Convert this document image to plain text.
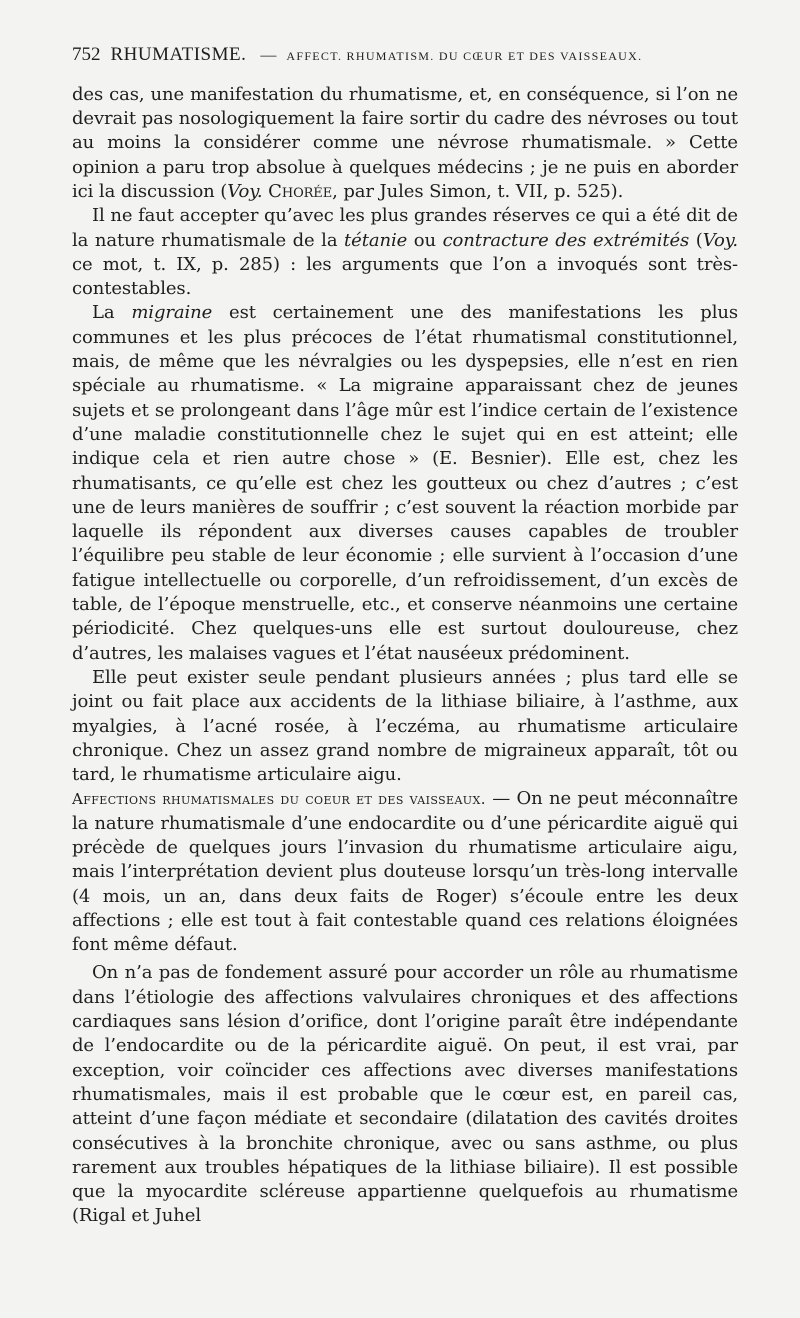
752 RHUMATISME. — AFFECT. RHUMATISM. DU CŒUR ET DES VAISSEAUX.

des cas, une manifestation du rhumatisme, et, en conséquence, si l’on ne devrait pas nosologiquement la faire sortir du cadre des névroses ou tout au moins la considérer comme une névrose rhumatismale. » Cette opinion a paru trop absolue à quelques médecins ; je ne puis en aborder ici la discussion (Voy. Chorée, par Jules Simon, t. VII, p. 525).

Il ne faut accepter qu’avec les plus grandes réserves ce qui a été dit de la nature rhumatismale de la tétanie ou contracture des extrémités (Voy. ce mot, t. IX, p. 285) : les arguments que l’on a invoqués sont très-contestables.

La migraine est certainement une des manifestations les plus communes et les plus précoces de l’état rhumatismal constitutionnel, mais, de même que les névralgies ou les dyspepsies, elle n’est en rien spéciale au rhumatisme. « La migraine apparaissant chez de jeunes sujets et se prolongeant dans l’âge mûr est l’indice certain de l’existence d’une maladie constitutionnelle chez le sujet qui en est atteint; elle indique cela et rien autre chose » (E. Besnier). Elle est, chez les rhumatisants, ce qu’elle est chez les goutteux ou chez d’autres ; c’est une de leurs manières de souffrir ; c’est souvent la réaction morbide par laquelle ils répondent aux diverses causes capables de troubler l’équilibre peu stable de leur économie ; elle survient à l’occasion d’une fatigue intellectuelle ou corporelle, d’un refroidissement, d’un excès de table, de l’époque menstruelle, etc., et conserve néanmoins une certaine périodicité. Chez quelques-uns elle est surtout douloureuse, chez d’autres, les malaises vagues et l’état nauséeux prédominent.

Elle peut exister seule pendant plusieurs années ; plus tard elle se joint ou fait place aux accidents de la lithiase biliaire, à l’asthme, aux myalgies, à l’acné rosée, à l’eczéma, au rhumatisme articulaire chronique. Chez un assez grand nombre de migraineux apparaît, tôt ou tard, le rhumatisme articulaire aigu.

Affections rhumatismales du coeur et des vaisseaux. — On ne peut méconnaître la nature rhumatismale d’une endocardite ou d’une péricardite aiguë qui précède de quelques jours l’invasion du rhumatisme articulaire aigu, mais l’interprétation devient plus douteuse lorsqu’un très-long intervalle (4 mois, un an, dans deux faits de Roger) s’écoule entre les deux affections ; elle est tout à fait contestable quand ces relations éloignées font même défaut.

On n’a pas de fondement assuré pour accorder un rôle au rhumatisme dans l’étiologie des affections valvulaires chroniques et des affections cardiaques sans lésion d’orifice, dont l’origine paraît être indépendante de l’endocardite ou de la péricardite aiguë. On peut, il est vrai, par exception, voir coïncider ces affections avec diverses manifestations rhumatismales, mais il est probable que le cœur est, en pareil cas, atteint d’une façon médiate et secondaire (dilatation des cavités droites consécutives à la bronchite chronique, avec ou sans asthme, ou plus rarement aux troubles hépatiques de la lithiase biliaire). Il est possible que la myocardite scléreuse appartienne quelquefois au rhumatisme (Rigal et Juhel
